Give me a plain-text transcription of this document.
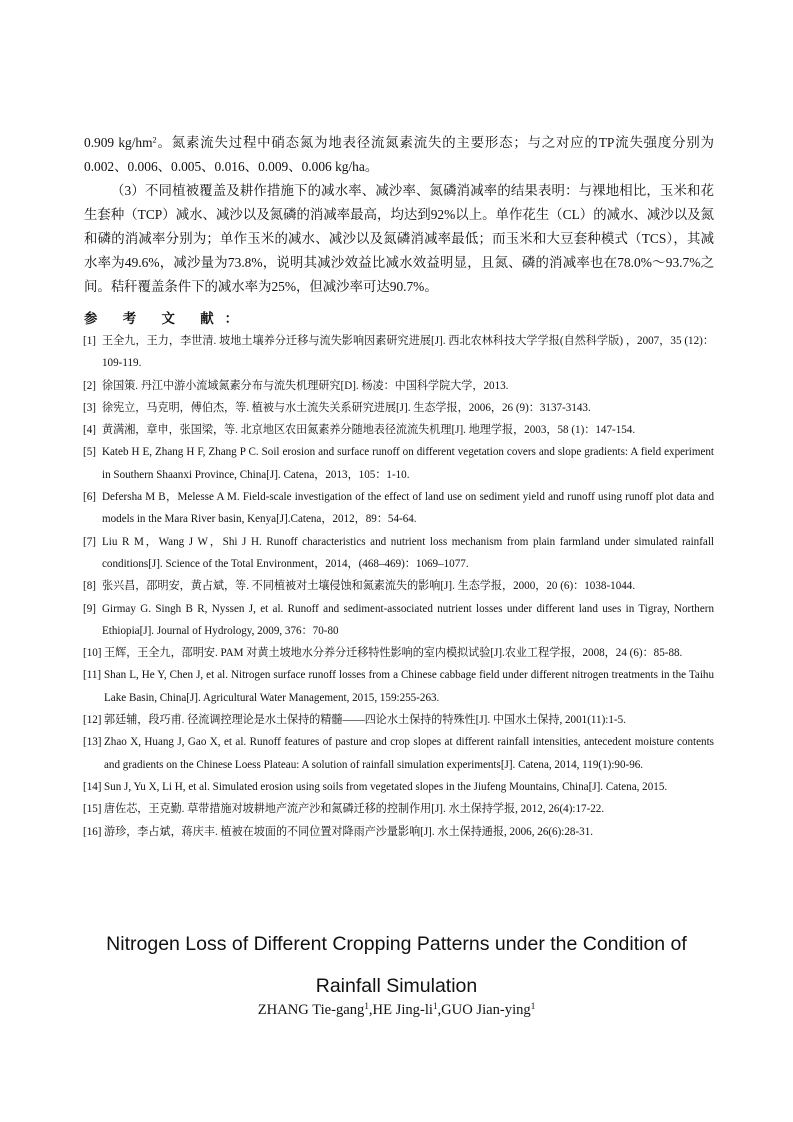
0.909 $kg/hm^2$。氮素流失过程中硝态氮为地表径流氮素流失的主要形态；与之对应的TP流失强度分别为0.002、0.006、0.005、0.016、0.009、0.006 kg/ha。

（3）不同植被覆盖及耕作措施下的减水率、减沙率、氮磷消减率的结果表明：与裸地相比，玉米和花生套种（TCP）减水、减沙以及氮磷的消减率最高，均达到92%以上。单作花生（CL）的减水、减沙以及氮和磷的消减率分别为；单作玉米的减水、减沙以及氮磷消减率最低；而玉米和大豆套种模式（TCS），其减水率为49.6%，减沙量为73.8%，说明其减沙效益比减水效益明显，且氮、磷的消减率也在78.0%～93.7%之间。秸秆覆盖条件下的减水率为25%，但减沙率可达90.7%。

参 考 文 献：
[1] 王全九，王力，李世清. 坡地土壤养分迁移与流失影响因素研究进展[J]. 西北农林科技大学学报(自然科学版) ，2007，35 (12)：109-119.
[2] 徐国策. 丹江中游小流域氮素分布与流失机理研究[D]. 杨凌：中国科学院大学，2013.
[3] 徐宪立，马克明，傅伯杰，等. 植被与水土流失关系研究进展[J]. 生态学报，2006，26 (9)：3137-3143.
[4] 黄满湘，章申，张国梁，等. 北京地区农田氮素养分随地表径流流失机理[J]. 地理学报，2003，58 (1)：147-154.
[5] Kateb H E, Zhang H F, Zhang P C. Soil erosion and surface runoff on different vegetation covers and slope gradients: A field experiment in Southern Shaanxi Province, China[J]. Catena，2013，105：1-10.
[6] Defersha M B，Melesse A M. Field-scale investigation of the effect of land use on sediment yield and runoff using runoff plot data and models in the Mara River basin, Kenya[J].Catena，2012，89：54-64.
[7] Liu R M，Wang J W，Shi J H. Runoff characteristics and nutrient loss mechanism from plain farmland under simulated rainfall conditions[J]. Science of the Total Environment，2014，(468–469)：1069–1077.
[8] 张兴昌，邵明安，黄占斌，等. 不同植被对土壤侵蚀和氮素流失的影响[J]. 生态学报，2000，20 (6)：1038-1044.
[9] Girmay G. Singh B R, Nyssen J, et al. Runoff and sediment-associated nutrient losses under different land uses in Tigray, Northern Ethiopia[J]. Journal of Hydrology, 2009, 376：70-80
[10] 王辉，王全九，邵明安. PAM 对黄土坡地水分养分迁移特性影响的室内模拟试验[J].农业工程学报，2008，24 (6)：85-88.
[11] Shan L, He Y, Chen J, et al. Nitrogen surface runoff losses from a Chinese cabbage field under different nitrogen treatments in the Taihu Lake Basin, China[J]. Agricultural Water Management, 2015, 159:255-263.
[12] 郭廷辅，段巧甫. 径流调控理论是水土保持的精髓——四论水土保持的特殊性[J]. 中国水土保持, 2001(11):1-5.
[13] Zhao X, Huang J, Gao X, et al. Runoff features of pasture and crop slopes at different rainfall intensities, antecedent moisture contents and gradients on the Chinese Loess Plateau: A solution of rainfall simulation experiments[J]. Catena, 2014, 119(1):90-96.
[14] Sun J, Yu X, Li H, et al. Simulated erosion using soils from vegetated slopes in the Jiufeng Mountains, China[J]. Catena, 2015.
[15] 唐佐芯，王克勤. 草带措施对坡耕地产流产沙和氮磷迁移的控制作用[J]. 水土保持学报, 2012, 26(4):17-22.
[16] 游珍，李占斌，蒋庆丰. 植被在坡面的不同位置对降雨产沙量影响[J]. 水土保持通报, 2006, 26(6):28-31.
Nitrogen Loss of Different Cropping Patterns under the Condition of
Rainfall Simulation

ZHANG Tie-gang$^1$,HE Jing-$li^1,GUO$ Jian-ying$^1$
